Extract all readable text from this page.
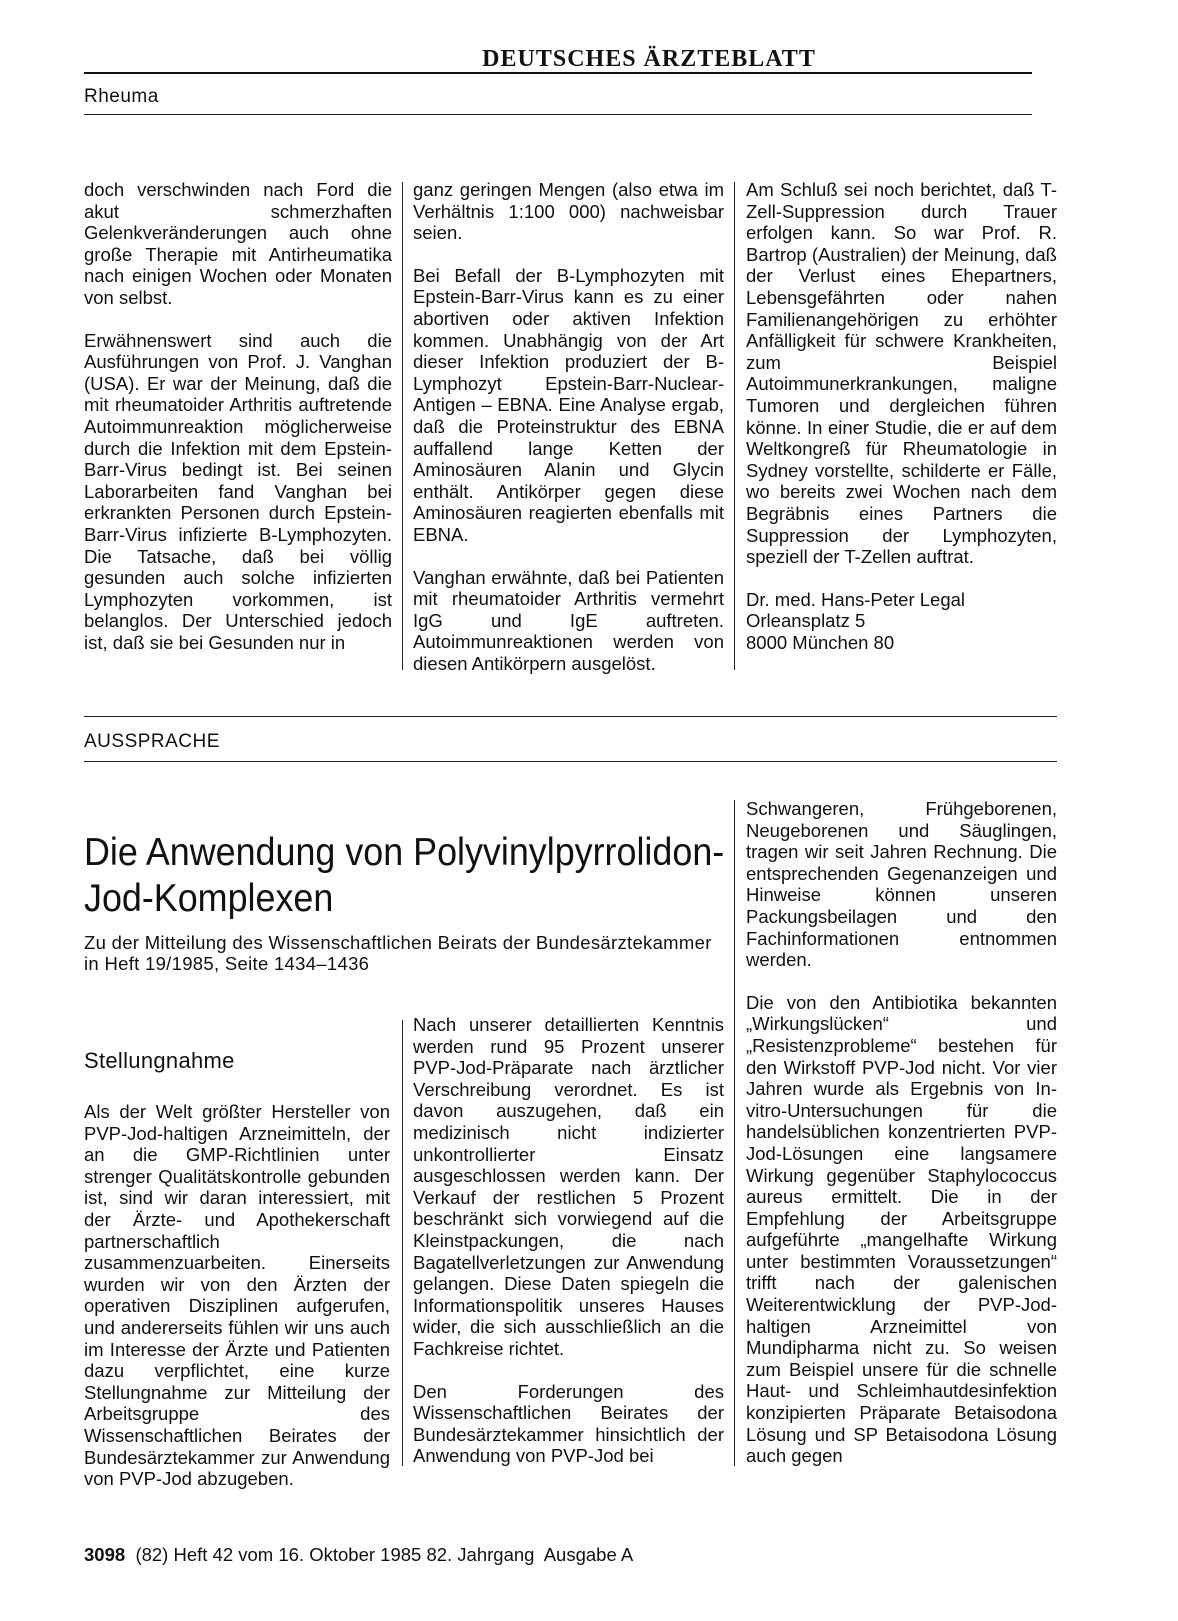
DEUTSCHES ÄRZTEBLATT
Rheuma

doch verschwinden nach Ford die akut schmerzhaften Gelenkveränderungen auch ohne große Therapie mit Antirheumatika nach einigen Wochen oder Monaten von selbst.

Erwähnenswert sind auch die Ausführungen von Prof. J. Vanghan (USA). Er war der Meinung, daß die mit rheumatoider Arthritis auftretende Autoimmunreaktion möglicherweise durch die Infektion mit dem Epstein-Barr-Virus bedingt ist. Bei seinen Laborarbeiten fand Vanghan bei erkrankten Personen durch Epstein-Barr-Virus infizierte B-Lymphozyten. Die Tatsache, daß bei völlig gesunden auch solche infizierten Lymphozyten vorkommen, ist belanglos. Der Unterschied jedoch ist, daß sie bei Gesunden nur in

ganz geringen Mengen (also etwa im Verhältnis 1:100 000) nachweisbar seien.

Bei Befall der B-Lymphozyten mit Epstein-Barr-Virus kann es zu einer abortiven oder aktiven Infektion kommen. Unabhängig von der Art dieser Infektion produziert der B-Lymphozyt Epstein-Barr-Nuclear-Antigen – EBNA. Eine Analyse ergab, daß die Proteinstruktur des EBNA auffallend lange Ketten der Aminosäuren Alanin und Glycin enthält. Antikörper gegen diese Aminosäuren reagierten ebenfalls mit EBNA.

Vanghan erwähnte, daß bei Patienten mit rheumatoider Arthritis vermehrt IgG und IgE auftreten. Autoimmunreaktionen werden von diesen Antikörpern ausgelöst.

Am Schluß sei noch berichtet, daß T-Zell-Suppression durch Trauer erfolgen kann. So war Prof. R. Bartrop (Australien) der Meinung, daß der Verlust eines Ehepartners, Lebensgefährten oder nahen Familienangehörigen zu erhöhter Anfälligkeit für schwere Krankheiten, zum Beispiel Autoimmunerkrankungen, maligne Tumoren und dergleichen führen könne. In einer Studie, die er auf dem Weltkongreß für Rheumatologie in Sydney vorstellte, schilderte er Fälle, wo bereits zwei Wochen nach dem Begräbnis eines Partners die Suppression der Lymphozyten, speziell der T-Zellen auftrat.

Dr. med. Hans-Peter Legal
Orleansplatz 5
8000 München 80
AUSSPRACHE
Die Anwendung von Polyvinylpyrrolidon-Jod-Komplexen
Zu der Mitteilung des Wissenschaftlichen Beirats der Bundesärztekammer in Heft 19/1985, Seite 1434–1436
Stellungnahme

Als der Welt größter Hersteller von PVP-Jod-haltigen Arzneimitteln, der an die GMP-Richtlinien unter strenger Qualitätskontrolle gebunden ist, sind wir daran interessiert, mit der Ärzte- und Apothekerschaft partnerschaftlich zusammenzuarbeiten. Einerseits wurden wir von den Ärzten der operativen Disziplinen aufgerufen, und andererseits fühlen wir uns auch im Interesse der Ärzte und Patienten dazu verpflichtet, eine kurze Stellungnahme zur Mitteilung der Arbeitsgruppe des Wissenschaftlichen Beirates der Bundesärztekammer zur Anwendung von PVP-Jod abzugeben.

Nach unserer detaillierten Kenntnis werden rund 95 Prozent unserer PVP-Jod-Präparate nach ärztlicher Verschreibung verordnet. Es ist davon auszugehen, daß ein medizinisch nicht indizierter unkontrollierter Einsatz ausgeschlossen werden kann. Der Verkauf der restlichen 5 Prozent beschränkt sich vorwiegend auf die Kleinstpackungen, die nach Bagatellverletzungen zur Anwendung gelangen. Diese Daten spiegeln die Informationspolitik unseres Hauses wider, die sich ausschließlich an die Fachkreise richtet.

Den Forderungen des Wissenschaftlichen Beirates der Bundesärztekammer hinsichtlich der Anwendung von PVP-Jod bei

Schwangeren, Frühgeborenen, Neugeborenen und Säuglingen, tragen wir seit Jahren Rechnung. Die entsprechenden Gegenanzeigen und Hinweise können unseren Packungsbeilagen und den Fachinformationen entnommen werden.

Die von den Antibiotika bekannten „Wirkungslücken“ und „Resistenzprobleme“ bestehen für den Wirkstoff PVP-Jod nicht. Vor vier Jahren wurde als Ergebnis von In-vitro-Untersuchungen für die handelsüblichen konzentrierten PVP-Jod-Lösungen eine langsamere Wirkung gegenüber Staphylococcus aureus ermittelt. Die in der Empfehlung der Arbeitsgruppe aufgeführte „mangelhafte Wirkung unter bestimmten Voraussetzungen“ trifft nach der galenischen Weiterentwicklung der PVP-Jod-haltigen Arzneimittel von Mundipharma nicht zu. So weisen zum Beispiel unsere für die schnelle Haut- und Schleimhautdesinfektion konzipierten Präparate Betaisodona Lösung und SP Betaisodona Lösung auch gegen

3098 (82) Heft 42 vom 16. Oktober 1985 82. Jahrgang  Ausgabe A
